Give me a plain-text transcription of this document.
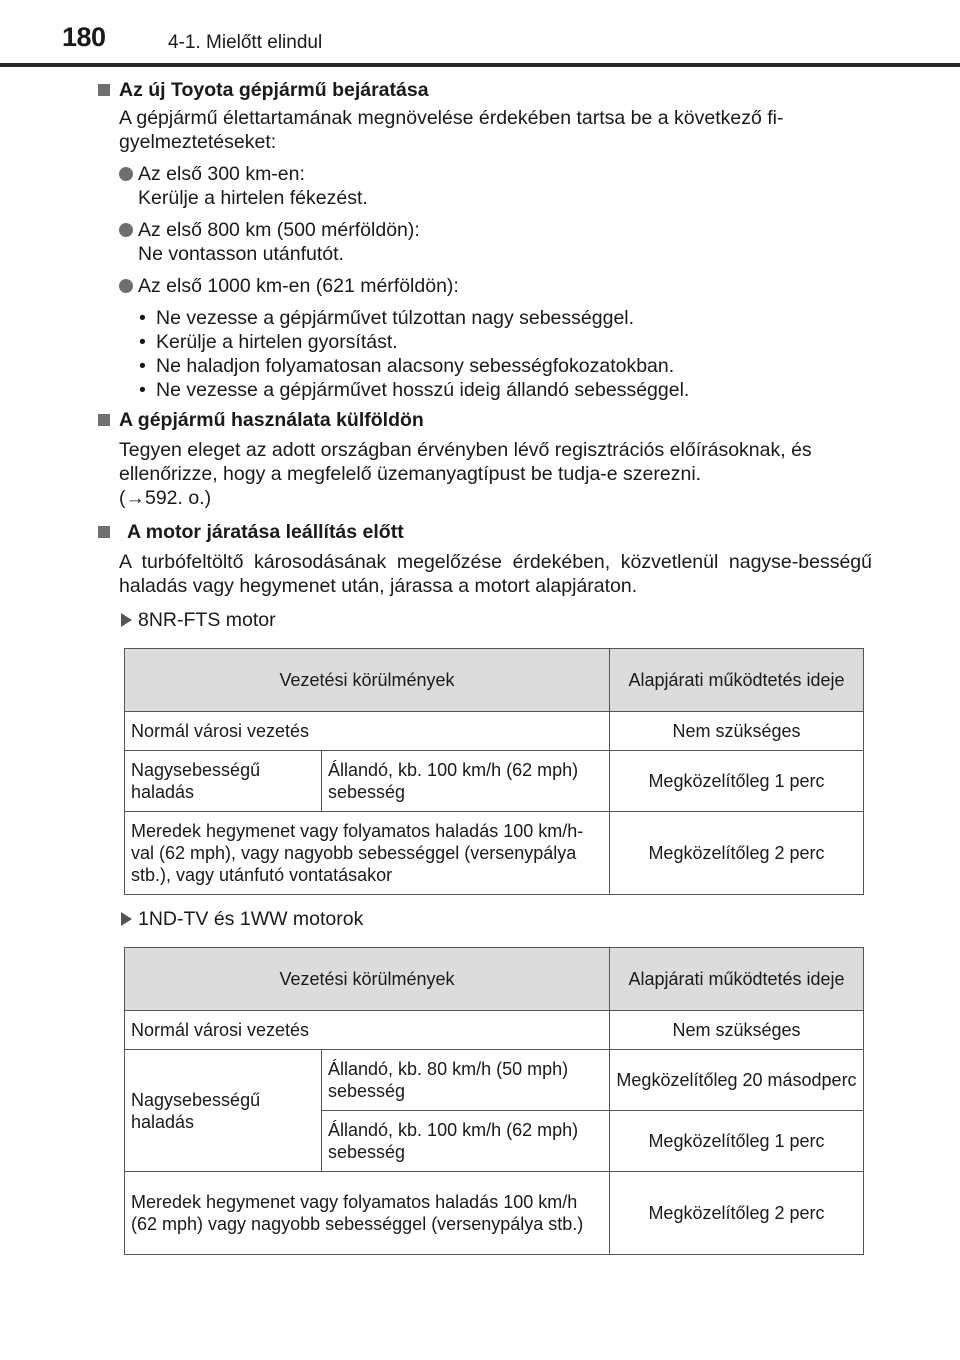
180	4-1. Mielőtt elindul
Az új Toyota gépjármű bejáratása
A gépjármű élettartamának megnövelése érdekében tartsa be a következő fi-gyelmeztetéseket:
Az első 300 km-en:
Kerülje a hirtelen fékezést.
Az első 800 km (500 mérföldön):
Ne vontasson utánfutót.
Az első 1000 km-en (621 mérföldön):
• Ne vezesse a gépjárművet túlzottan nagy sebességgel.
• Kerülje a hirtelen gyorsítást.
• Ne haladjon folyamatosan alacsony sebességfokozatokban.
• Ne vezesse a gépjárművet hosszú ideig állandó sebességgel.
A gépjármű használata külföldön
Tegyen eleget az adott országban érvényben lévő regisztrációs előírásoknak, és ellenőrizze, hogy a megfelelő üzemanyagtípust be tudja-e szerezni.
(→592. o.)
A motor járatása leállítás előtt
A turbófeltöltő károsodásának megelőzése érdekében, közvetlenül nagyse-bességű haladás vagy hegymenet után, járassa a motort alapjáraton.
8NR-FTS motor
Vezetési körülmények		Alapjárati működtetés ideje
Normál városi vezetés		Nem szükséges
Nagysebességű haladás	Állandó, kb. 100 km/h (62 mph) sebesség	Megközelítőleg 1 perc
Meredek hegymenet vagy folyamatos haladás 100 km/h-val (62 mph), vagy nagyobb sebességgel (versenypálya stb.), vagy utánfutó vontatásakor		Megközelítőleg 2 perc
1ND-TV és 1WW motorok
Vezetési körülmények		Alapjárati működtetés ideje
Normál városi vezetés		Nem szükséges
Nagysebességű haladás	Állandó, kb. 80 km/h (50 mph) sebesség	Megközelítőleg 20 másodperc
	Állandó, kb. 100 km/h (62 mph) sebesség	Megközelítőleg 1 perc
Meredek hegymenet vagy folyamatos haladás 100 km/h (62 mph) vagy nagyobb sebességgel (versenypálya stb.)		Megközelítőleg 2 perc
